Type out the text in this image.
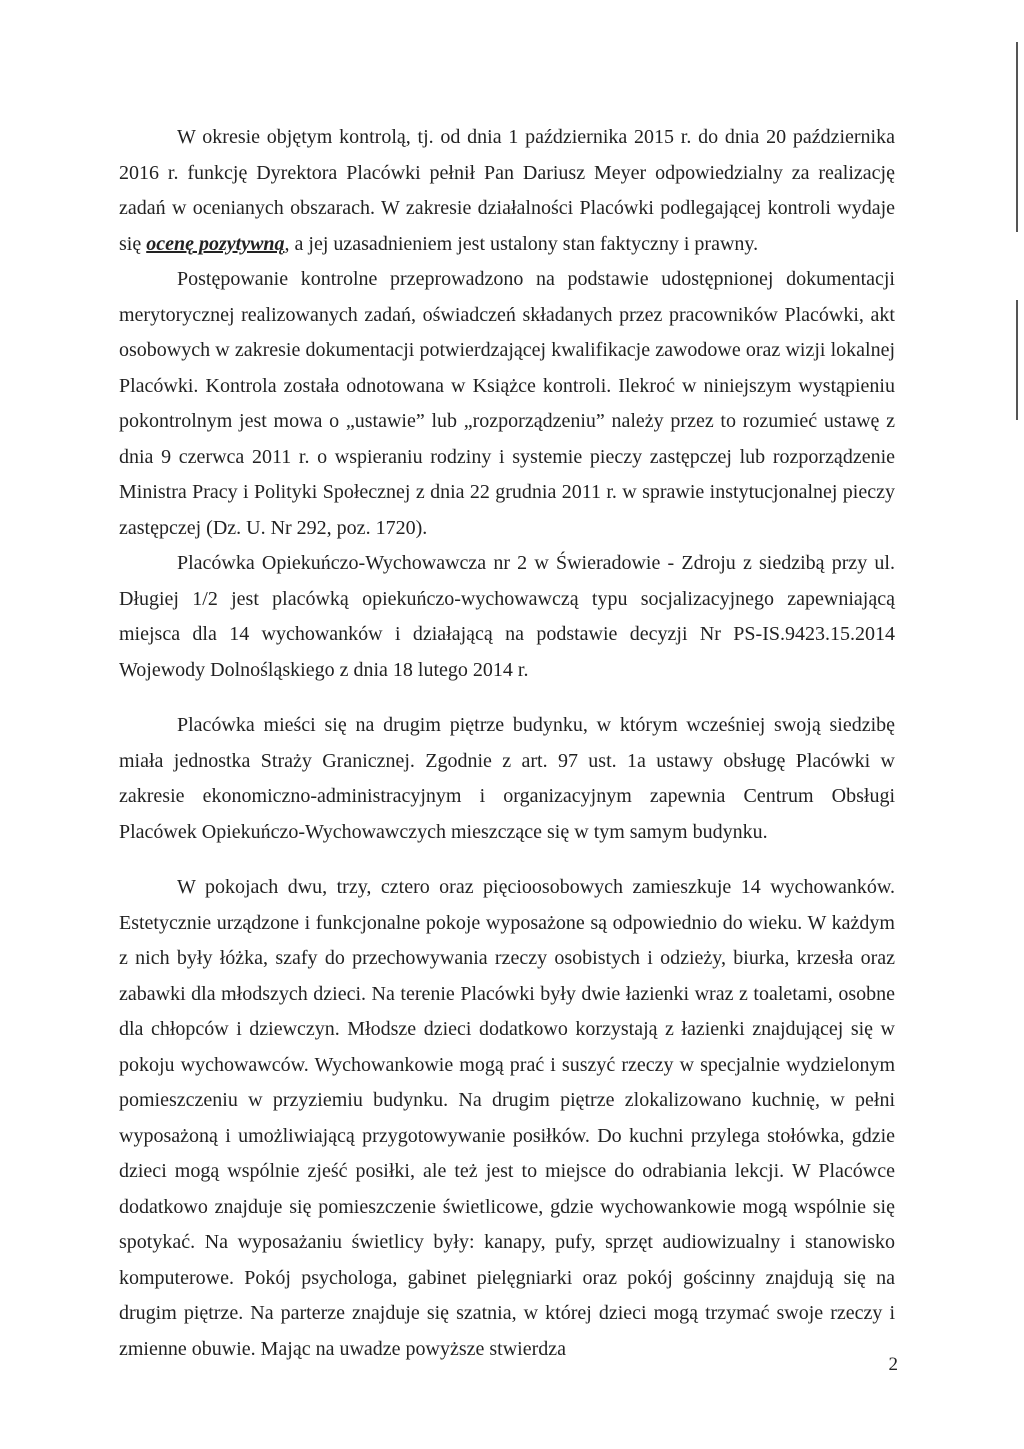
W okresie objętym kontrolą, tj. od dnia 1 października 2015 r. do dnia 20 października 2016 r. funkcję Dyrektora Placówki pełnił Pan Dariusz Meyer odpowiedzialny za realizację zadań w ocenianych obszarach. W zakresie działalności Placówki podlegającej kontroli wydaje się ocenę pozytywną, a jej uzasadnieniem jest ustalony stan faktyczny i prawny.

Postępowanie kontrolne przeprowadzono na podstawie udostępnionej dokumentacji merytorycznej realizowanych zadań, oświadczeń składanych przez pracowników Placówki, akt osobowych w zakresie dokumentacji potwierdzającej kwalifikacje zawodowe oraz wizji lokalnej Placówki. Kontrola została odnotowana w Książce kontroli. Ilekroć w niniejszym wystąpieniu pokontrolnym jest mowa o „ustawie” lub „rozporządzeniu” należy przez to rozumieć ustawę z dnia 9 czerwca 2011 r. o wspieraniu rodziny i systemie pieczy zastępczej lub rozporządzenie Ministra Pracy i Polityki Społecznej z dnia 22 grudnia 2011 r. w sprawie instytucjonalnej pieczy zastępczej (Dz. U. Nr 292, poz. 1720).

Placówka Opiekuńczo-Wychowawcza nr 2 w Świeradowie - Zdroju z siedzibą przy ul. Długiej 1/2 jest placówką opiekuńczo-wychowawczą typu socjalizacyjnego zapewniającą miejsca dla 14 wychowanków i działającą na podstawie decyzji Nr PS-IS.9423.15.2014 Wojewody Dolnośląskiego z dnia 18 lutego 2014 r.

Placówka mieści się na drugim piętrze budynku, w którym wcześniej swoją siedzibę miała jednostka Straży Granicznej. Zgodnie z art. 97 ust. 1a ustawy obsługę Placówki w zakresie ekonomiczno-administracyjnym i organizacyjnym zapewnia Centrum Obsługi Placówek Opiekuńczo-Wychowawczych mieszczące się w tym samym budynku.

W pokojach dwu, trzy, cztero oraz pięcioosobowych zamieszkuje 14 wychowanków. Estetycznie urządzone i funkcjonalne pokoje wyposażone są odpowiednio do wieku. W każdym z nich były łóżka, szafy do przechowywania rzeczy osobistych i odzieży, biurka, krzesła oraz zabawki dla młodszych dzieci. Na terenie Placówki były dwie łazienki wraz z toaletami, osobne dla chłopców i dziewczyn. Młodsze dzieci dodatkowo korzystają z łazienki znajdującej się w pokoju wychowawców. Wychowankowie mogą prać i suszyć rzeczy w specjalnie wydzielonym pomieszczeniu w przyziemiu budynku. Na drugim piętrze zlokalizowano kuchnię, w pełni wyposażoną i umożliwiającą przygotowywanie posiłków. Do kuchni przylega stołówka, gdzie dzieci mogą wspólnie zjeść posiłki, ale też jest to miejsce do odrabiania lekcji. W Placówce dodatkowo znajduje się pomieszczenie świetlicowe, gdzie wychowankowie mogą wspólnie się spotykać. Na wyposażaniu świetlicy były: kanapy, pufy, sprzęt audiowizualny i stanowisko komputerowe. Pokój psychologa, gabinet pielęgniarki oraz pokój gościnny znajdują się na drugim piętrze. Na parterze znajduje się szatnia, w której dzieci mogą trzymać swoje rzeczy i zmienne obuwie. Mając na uwadze powyższe stwierdza

2
